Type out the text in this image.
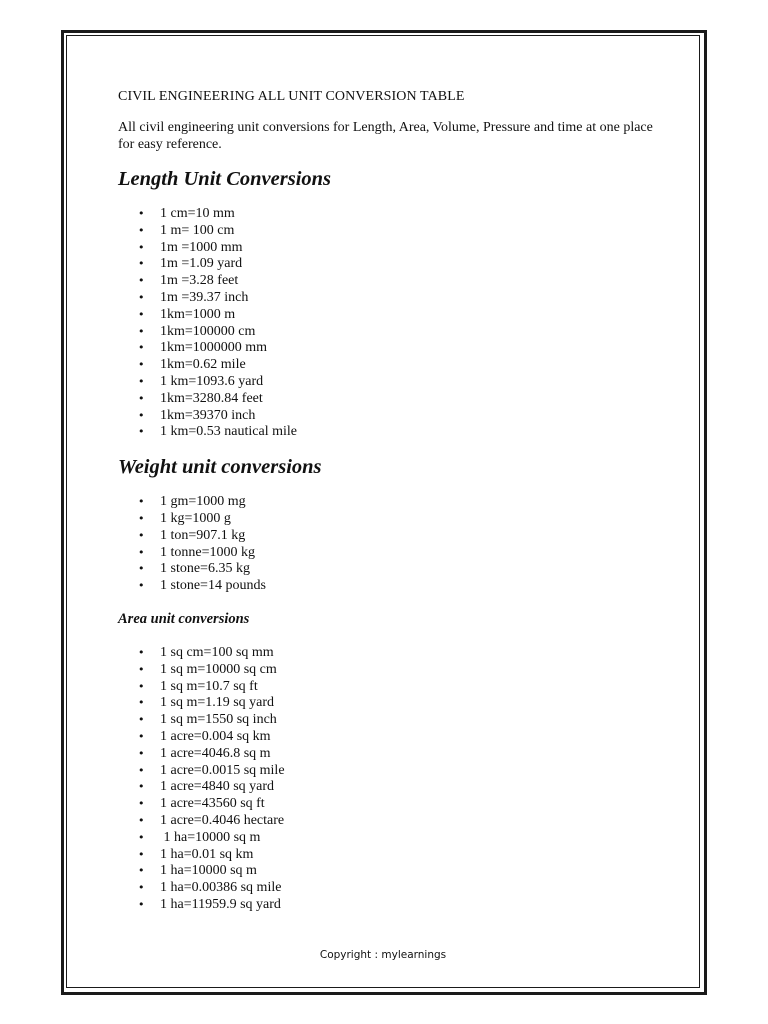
CIVIL ENGINEERING ALL UNIT CONVERSION TABLE
All civil engineering unit conversions for Length, Area, Volume, Pressure and time at one place for easy reference.
Length Unit Conversions
• 1 cm=10 mm
• 1 m= 100 cm
• 1m =1000 mm
• 1m =1.09 yard
• 1m =3.28 feet
• 1m =39.37 inch
• 1km=1000 m
• 1km=100000 cm
• 1km=1000000 mm
• 1km=0.62 mile
• 1 km=1093.6 yard
• 1km=3280.84 feet
• 1km=39370 inch
• 1 km=0.53 nautical mile
Weight unit conversions
• 1 gm=1000 mg
• 1 kg=1000 g
• 1 ton=907.1 kg
• 1 tonne=1000 kg
• 1 stone=6.35 kg
• 1 stone=14 pounds
Area unit conversions
• 1 sq cm=100 sq mm
• 1 sq m=10000 sq cm
• 1 sq m=10.7 sq ft
• 1 sq m=1.19 sq yard
• 1 sq m=1550 sq inch
• 1 acre=0.004 sq km
• 1 acre=4046.8 sq m
• 1 acre=0.0015 sq mile
• 1 acre=4840 sq yard
• 1 acre=43560 sq ft
• 1 acre=0.4046 hectare
•  1 ha=10000 sq m
• 1 ha=0.01 sq km
• 1 ha=10000 sq m
• 1 ha=0.00386 sq mile
• 1 ha=11959.9 sq yard
Copyright : mylearnings
